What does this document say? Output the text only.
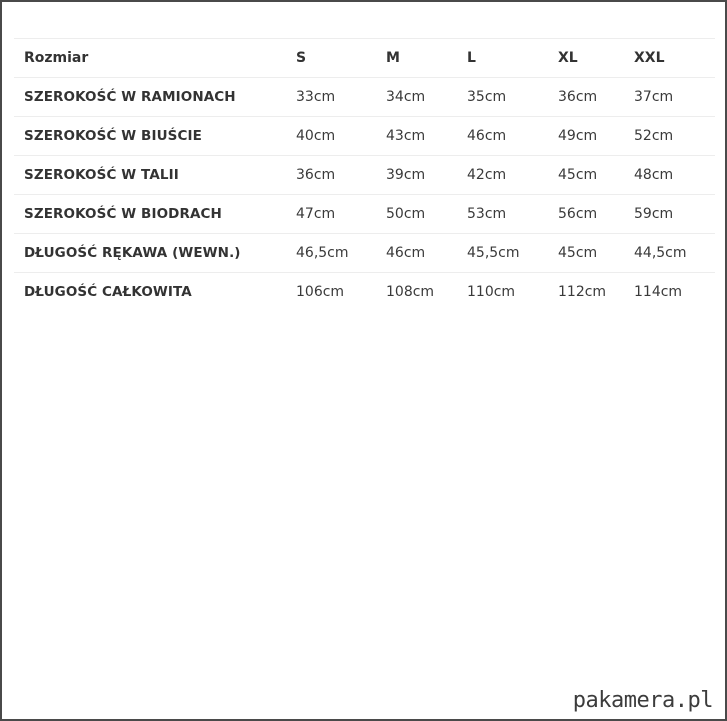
Rozmiar	S	M	L	XL	XXL
SZEROKOŚĆ W RAMIONACH	33cm	34cm	35cm	36cm	37cm
SZEROKOŚĆ W BIUŚCIE	40cm	43cm	46cm	49cm	52cm
SZEROKOŚĆ W TALII	36cm	39cm	42cm	45cm	48cm
SZEROKOŚĆ W BIODRACH	47cm	50cm	53cm	56cm	59cm
DŁUGOŚĆ RĘKAWA (WEWN.)	46,5cm	46cm	45,5cm	45cm	44,5cm
DŁUGOŚĆ CAŁKOWITA	106cm	108cm	110cm	112cm	114cm
pakamera.pl
